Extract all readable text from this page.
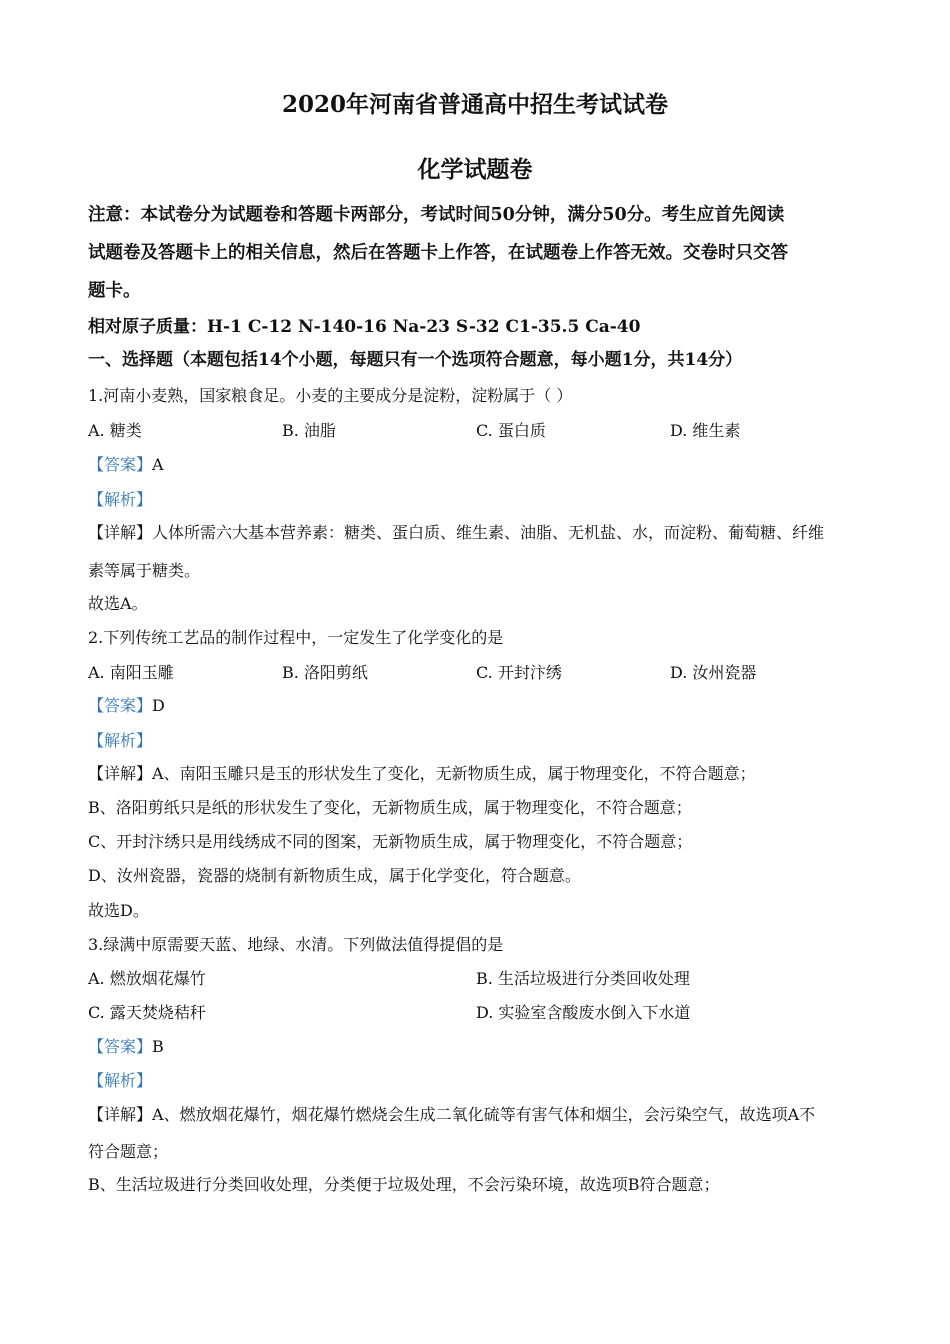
2020年河南省普通高中招生考试试卷
化学试题卷
注意：本试卷分为试题卷和答题卡两部分，考试时间50分钟，满分50分。考生应首先阅读
试题卷及答题卡上的相关信息，然后在答题卡上作答，在试题卷上作答无效。交卷时只交答
题卡。
相对原子质量：H-1 C-12 N-140-16 Na-23 S-32 C1-35.5 Ca-40
一、选择题（本题包括14个小题，每题只有一个选项符合题意，每小题1分，共14分）
1.河南小麦熟，国家粮食足。小麦的主要成分是淀粉，淀粉属于（ ）
A. 糖类	B. 油脂	C. 蛋白质	D. 维生素
【答案】A
【解析】
【详解】人体所需六大基本营养素：糖类、蛋白质、维生素、油脂、无机盐、水，而淀粉、葡萄糖、纤维
素等属于糖类。
故选A。
2.下列传统工艺品的制作过程中，一定发生了化学变化的是
A. 南阳玉雕	B. 洛阳剪纸	C. 开封汴绣	D. 汝州瓷器
【答案】D
【解析】
【详解】A、南阳玉雕只是玉的形状发生了变化，无新物质生成，属于物理变化，不符合题意；
B、洛阳剪纸只是纸的形状发生了变化，无新物质生成，属于物理变化，不符合题意；
C、开封汴绣只是用线绣成不同的图案，无新物质生成，属于物理变化，不符合题意；
D、汝州瓷器，瓷器的烧制有新物质生成，属于化学变化，符合题意。
故选D。
3.绿满中原需要天蓝、地绿、水清。下列做法值得提倡的是
A. 燃放烟花爆竹	B. 生活垃圾进行分类回收处理
C. 露天焚烧秸秆	D. 实验室含酸废水倒入下水道
【答案】B
【解析】
【详解】A、燃放烟花爆竹，烟花爆竹燃烧会生成二氧化硫等有害气体和烟尘，会污染空气，故选项A不
符合题意；
B、生活垃圾进行分类回收处理，分类便于垃圾处理，不会污染环境，故选项B符合题意；
